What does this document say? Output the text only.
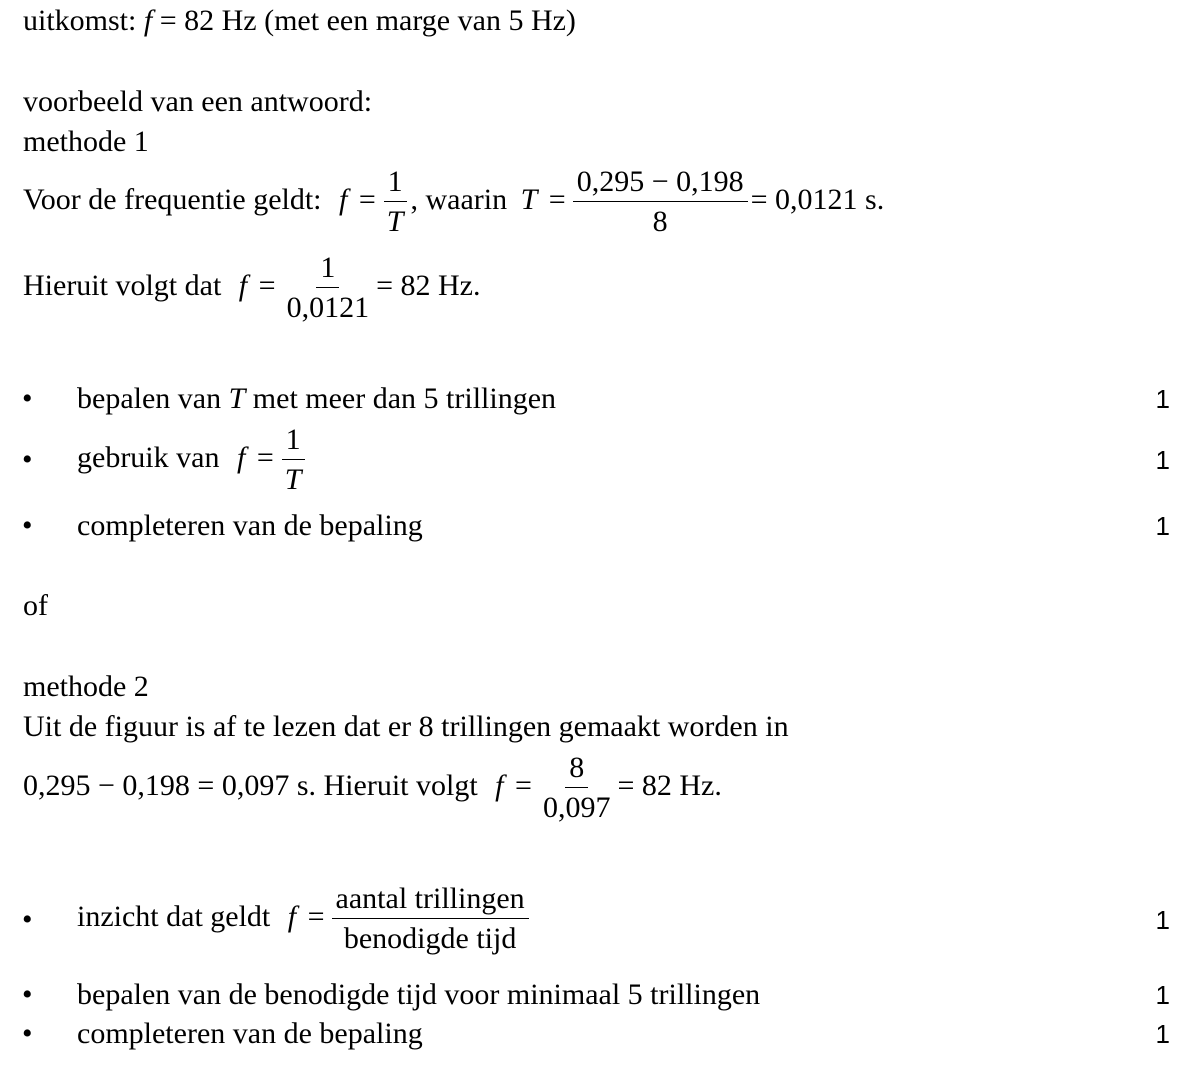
uitkomst: f = 82 Hz (met een marge van 5 Hz)
voorbeeld van een antwoord:
methode 1
Voor de frequentie geldt: $f = \frac{1}{T}$ , waarin $T = \frac{0,295 - 0,198}{8} = 0,0121$ s.
Hieruit volgt dat $f = \frac{1}{0,0121} = 82$ Hz.
• bepalen van T met meer dan 5 trillingen	1
• gebruik van $f = \frac{1}{T}$	1
• completeren van de bepaling	1
of
methode 2
Uit de figuur is af te lezen dat er 8 trillingen gemaakt worden in
0,295 − 0,198 = 0,097 s. Hieruit volgt $f = \frac{8}{0,097} = 82$ Hz.
• inzicht dat geldt $f = \frac{\text{aantal trillingen}}{\text{benodigde tijd}}$	1
• bepalen van de benodigde tijd voor minimaal 5 trillingen	1
• completeren van de bepaling	1
